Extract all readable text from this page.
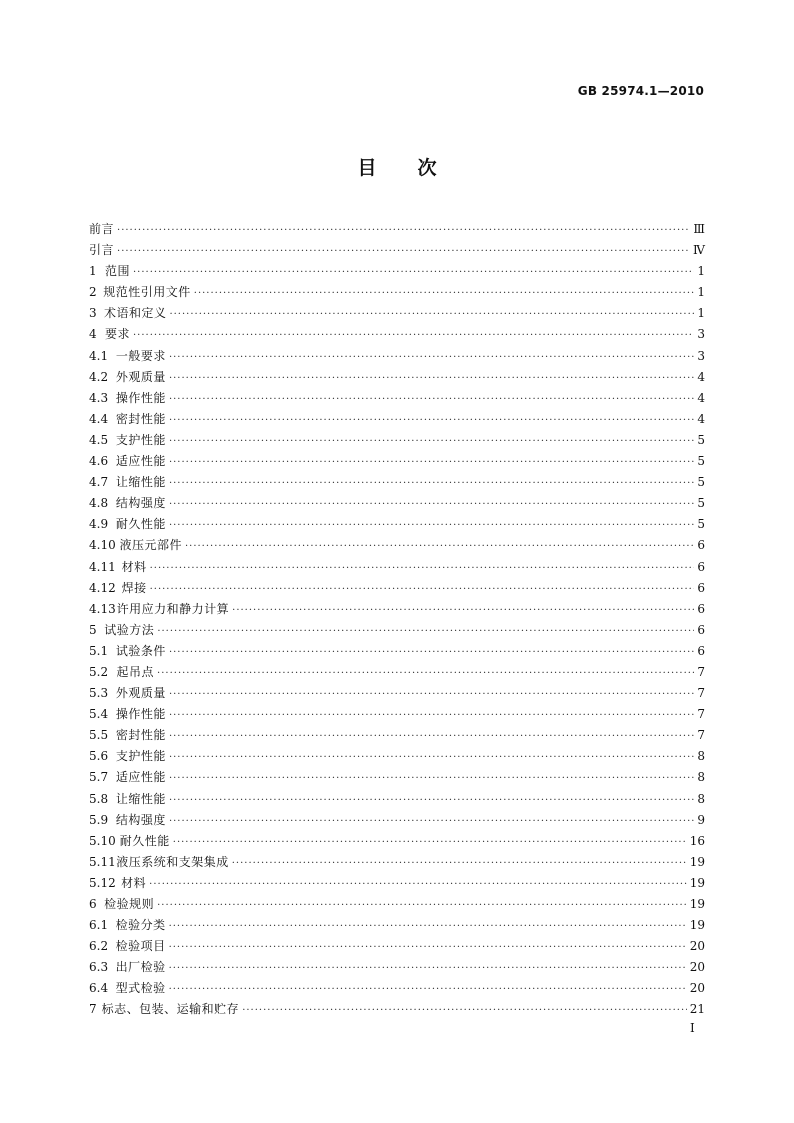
GB 25974.1—2010
目 次
前言 ·····	Ⅲ
引言 ·····	Ⅳ
1 范围 ·····	1
2 规范性引用文件 ·····	1
3 术语和定义 ·····	1
4 要求 ·····	3
4.1 一般要求 ·····	3
4.2 外观质量 ·····	4
4.3 操作性能 ·····	4
4.4 密封性能 ·····	4
4.5 支护性能 ·····	5
4.6 适应性能 ·····	5
4.7 让缩性能 ·····	5
4.8 结构强度 ·····	5
4.9 耐久性能 ·····	5
4.10 液压元部件 ·····	6
4.11 材料 ·····	6
4.12 焊接 ·····	6
4.13 许用应力和静力计算 ·····	6
5 试验方法 ·····	6
5.1 试验条件 ·····	6
5.2 起吊点 ·····	7
5.3 外观质量 ·····	7
5.4 操作性能 ·····	7
5.5 密封性能 ·····	7
5.6 支护性能 ·····	8
5.7 适应性能 ·····	8
5.8 让缩性能 ·····	8
5.9 结构强度 ·····	9
5.10 耐久性能 ·····	16
5.11 液压系统和支架集成 ·····	19
5.12 材料 ·····	19
6 检验规则 ·····	19
6.1 检验分类 ·····	19
6.2 检验项目 ·····	20
6.3 出厂检验 ·····	20
6.4 型式检验 ·····	20
7 标志、包装、运输和贮存 ·····	21
I
